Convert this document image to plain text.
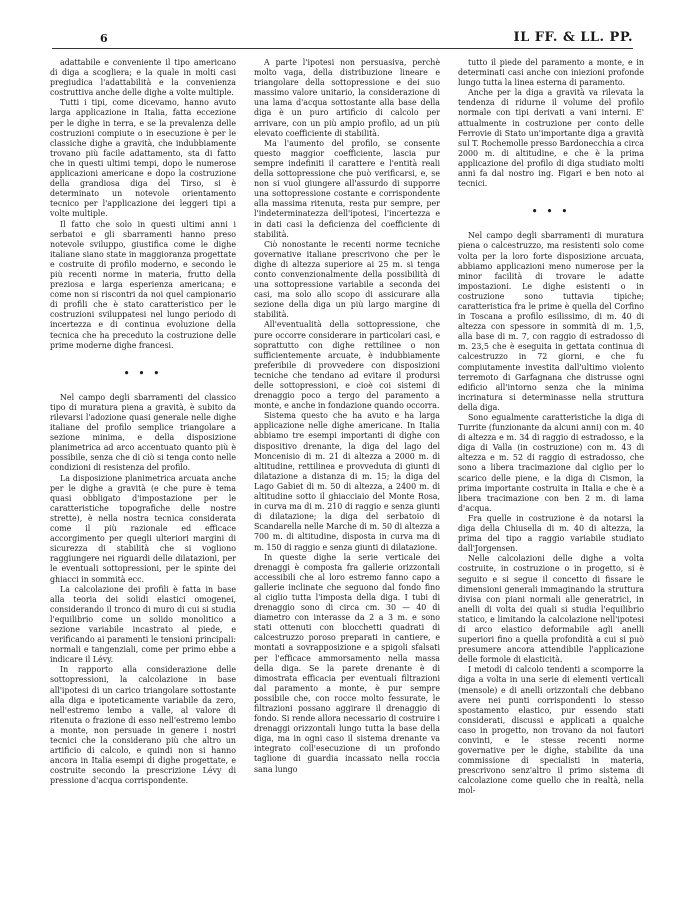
6	IL FF. & LL. PP.

adattabile e conveniente il tipo americano di diga a scogliera; e la quale in molti casi pregiudica l'adattabilità e la convenienza costruttiva anche delle dighe a volte multiple.

Tutti i tipi, come dicevamo, hanno avuto larga applicazione in Italia, fatta eccezione per le dighe in terra, e se la prevalenza delle costruzioni compiute o in esecuzione è per le classiche dighe a gravità, che indubbiamente trovano più facile adattamento, sta di fatto che in questi ultimi tempi, dopo le numerose applicazioni americane e dopo la costruzione della grandiosa diga del Tirso, si è determinato un notevole orientamento tecnico per l'applicazione dei leggeri tipi a volte multiple.

Il fatto che solo in questi ultimi anni i serbatoi e gli sbarramenti hanno preso notevole sviluppo, giustifica come le dighe italiane siano state in maggioranza progettate e costruite di profilo moderno, e secondo le più recenti norme in materia, frutto della preziosa e larga esperienza americana; e come non si riscontri da noi quel campionario di profili che è stato caratteristico per le costruzioni sviluppatesi nel lungo periodo di incertezza e di continua evoluzione della tecnica che ha preceduto la costruzione delle prime moderne dighe francesi.

• • •

Nel campo degli sbarramenti del classico tipo di muratura piena a gravità, è subito da rilevarsi l'adozione quasi generale nelle dighe italiane del profilo semplice triangolare a sezione minima, e della disposizione planimetrica ad arco accentuato quanto più è possibile, senza che di ciò si tenga conto nelle condizioni di resistenza del profilo.

La disposizione planimetrica arcuata anche per le dighe a gravità (e che pure è tema quasi obbligato d'impostazione per le caratteristiche topografiche delle nostre strette), è nella nostra tecnica considerata come il più razionale ed efficace accorgimento per quegli ulteriori margini di sicurezza di stabilità che si vogliono raggiungere nei riguardi delle dilatazioni, per le eventuali sottopressioni, per le spinte dei ghiacci in sommità ecc.

La calcolazione dei profili è fatta in base alla teoria dei solidi elastici omogenei, considerando il tronco di muro di cui si studia l'equilibrio come un solido monolitico a sezione variabile incastrato al piede, e verificando ai paramenti le tensioni principali: normali e tangenziali, come per primo ebbe a indicare il Lévy.

In rapporto alla considerazione delle sottopressioni, la calcolazione in base all'ipotesi di un carico triangolare sottostante alla diga e ipoteticamente variabile da zero, nell'estremo lembo a valle, al valore di ritenuta o frazione di esso nell'estremo lembo a monte, non persuade in genere i nostri tecnici che la considerano più che altro un artificio di calcolo, e quindi non si hanno ancora in Italia esempi di dighe progettate, e costruite secondo la prescrizione Lévy di pressione d'acqua corrispondente.

A parte l'ipotesi non persuasiva, perchè molto vaga, della distribuzione lineare e triangolare della sottopressione e dei suo massimo valore unitario, la considerazione di una lama d'acqua sottostante alla base della diga è un puro artificio di calcolo per arrivare, con un più ampio profilo, ad un più elevato coefficiente di stabilità.

Ma l'aumento del profilo, se consente questo maggior coefficiente, lascia pur sempre indefiniti il carattere e l'entità reali della sottopressione che può verificarsi, e, se non si vuol giungere all'assurdo di supporre una sottopressione costante e corrispondente alla massima ritenuta, resta pur sempre, per l'indeterminatezza dell'ipotesi, l'incertezza e in dati casi la deficienza del coefficiente di stabilità.

Ciò nonostante le recenti norme tecniche governative italiane prescrivono che per le dighe di altezza superiore ai 25 m. si tenga conto convenzionalmente della possibilità di una sottopressione variabile a seconda dei casi, ma solo allo scopo di assicurare alla sezione della diga un più largo margine di stabilità.

All'eventualità della sottopressione, che pure occorre considerare in particolari casi, e soprattutto con dighe rettilinee o non sufficientemente arcuate, è indubbiamente preferibile di provvedere con disposizioni tecniche che tendano ad evitare il prodursi delle sottopressioni, e cioè coi sistemi di drenaggio poco a tergo del paramento a monte, e anche in fondazione quando occorra.

Sistema questo che ha avuto e ha larga applicazione nelle dighe americane. In Italia abbiamo tre esempi importanti di dighe con dispositivo drenante, la diga del lago del Moncenisio di m. 21 di altezza a 2000 m. di altitudine, rettilinea e provveduta di giunti di dilatazione a distanza di m. 15; la diga del Lago Gabiet di m. 50 di altezza, a 2400 m. di altitudine sotto il ghiacciaio del Monte Rosa, in curva ma di m. 210 di raggio e senza giunti di dilatazione; la diga del serbatoio di Scandarella nelle Marche di m. 50 di altezza a 700 m. di altitudine, disposta in curva ma di m. 150 di raggio e senza giunti di dilatazione.

In queste dighe la serie verticale dei drenaggi è composta fra gallerie orizzontali accessibili che al loro estremo fanno capo a gallerie inclinate che seguono dal fondo fino al ciglio tutta l'imposta della diga. I tubi di drenaggio sono di circa cm. 30 — 40 di diametro con interasse da 2 a 3 m. e sono stati ottenuti con blocchetti quadrati di calcestruzzo poroso preparati in cantiere, e montati a sovrapposizione e a spigoli sfalsati per l'efficace ammorsamento nella massa della diga. Se la parete drenante è di dimostrata efficacia per eventuali filtrazioni dal paramento a monte, è pur sempre possibile che, con rocce molto fessurate, le filtrazioni possano aggirare il drenaggio di fondo. Si rende allora necessario di costruire i drenaggi orizzontali lungo tutta la base della diga, ma in ogni caso il sistema drenante va integrato coll'esecuzione di un profondo taglione di guardia incassato nella roccia sana lungo

tutto il piede del paramento a monte, e in determinati casi anche con iniezioni profonde lungo tutta la linea esterna di paramento.

Anche per la diga a gravità va rilevata la tendenza di ridurne il volume del profilo normale con tipi derivati a vani interni. E' attualmente in costruzione per conto delle Ferrovie di Stato un'importante diga a gravità sul T. Rochemolle presso Bardonecchia a circa 2000 m. di altitudine, e che è la prima applicazione del profilo di diga studiato molti anni fa dal nostro ing. Figari e ben noto ai tecnici.

• • •

Nel campo degli sbarramenti di muratura piena o calcestruzzo, ma resistenti solo come volta per la loro forte disposizione arcuata, abbiamo applicazioni meno numerose per la minor facilità di trovare le adatte impostazioni. Le dighe esistenti o in costruzione sono tuttavia tipiche; caratteristica fra le prime è quella del Corfino in Toscana a profilo esilissimo, di m. 40 di altezza con spessore in sommità di m. 1,5, alla base di m. 7, con raggio di estradosso di m. 23,5 che è eseguita in gettata continua di calcestruzzo in 72 giorni, e che fu compiutamente investita dall'ultimo violento terremoto di Garfagnana che distrusse ogni edificio all'intorno senza che la minima incrinatura si determinasse nella struttura della diga.

Sono egualmente caratteristiche la diga di Turrite (funzionante da alcuni anni) con m. 40 di altezza e m. 34 di raggio di estradosso, e la diga di Valla (in costruzione) con m. 43 di altezza e m. 52 di raggio di estradosso, che sono a libera tracimazione dal ciglio per lo scarico delle piene, e la diga di Cismon, la prima importante costruita in Italia e che è a libera tracimazione con ben 2 m. di lama d'acqua.

Fra quelle in costruzione è da notarsi la diga della Chiusella di m. 40 di altezza, la prima del tipo a raggio variabile studiato dall'Jorgensen.

Nelle calcolazioni delle dighe a volta costruite, in costruzione o in progetto, si è seguito e si segue il concetto di fissare le dimensioni generali immaginando la struttura divisa con piani normali alle generatrici, in anelli di volta dei quali si studia l'equilibrio statico, e limitando la calcolazione nell'ipotesi di arco elastico deformabile agli anelli superiori fino a quella profondità a cui si può presumere ancora attendibile l'applicazione delle formole di elasticità.

I metodi di calcolo tendenti a scomporre la diga a volta in una serie di elementi verticali (mensole) e di anelli orizzontali che debbano avere nei punti corrispondenti lo stesso spostamento elastico, pur essendo stati considerati, discussi e applicati a qualche caso in progetto, non trovano da noi fautori convinti, e le stesse recenti norme governative per le dighe, stabilite da una commissione di specialisti in materia, prescrivono senz'altro il primo sistema di calcolazione come quello che in realtà, nella mol-
